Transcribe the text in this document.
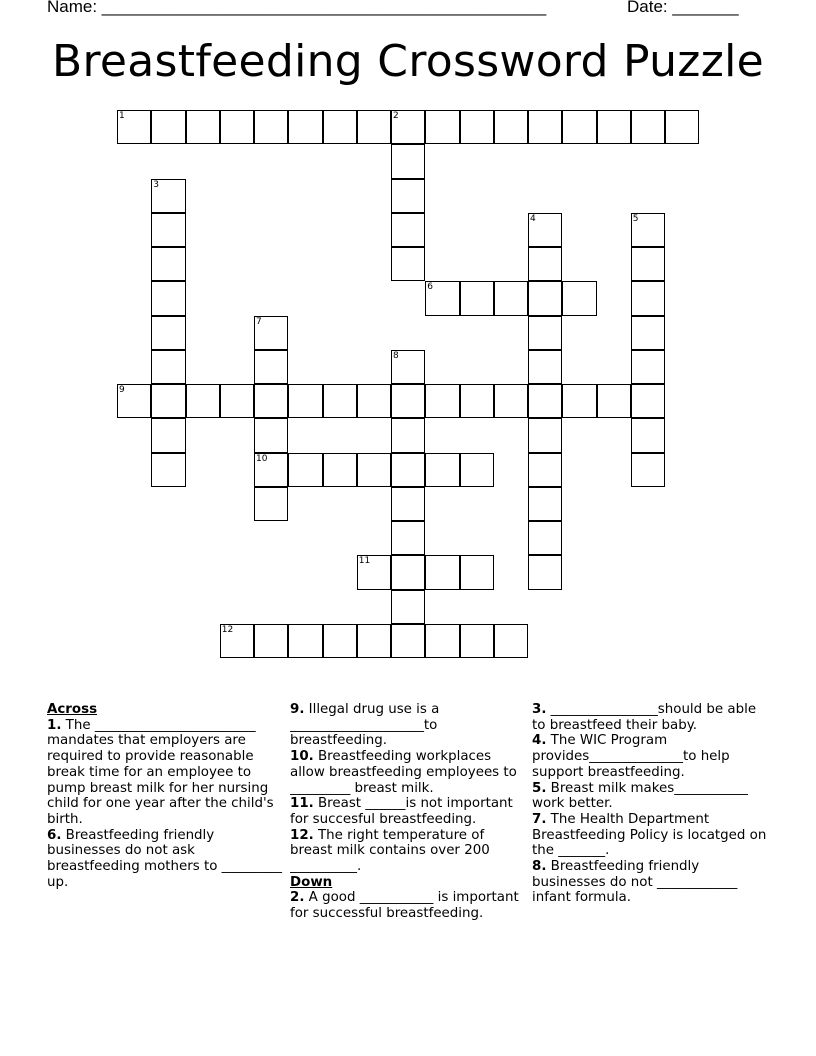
Name: _______________________________________________	Date: _______
Breastfeeding Crossword Puzzle
1	2
3
4	5
6
7
8
9
10
11
12
Across
1. The ________________________ mandates that employers are required to provide reasonable break time for an employee to pump breast milk for her nursing child for one year after the child's birth.
6. Breastfeeding friendly businesses do not ask breastfeeding mothers to _________ up.
9. Illegal drug use is a ____________________to breastfeeding.
10. Breastfeeding workplaces allow breastfeeding employees to _________ breast milk.
11. Breast ______is not important for succesful breastfeeding.
12. The right temperature of breast milk contains over 200 __________.
Down
2. A good ___________ is important for successful breastfeeding.
3. ________________should be able to breastfeed their baby.
4. The WIC Program provides______________to help support breastfeeding.
5. Breast milk makes___________ work better.
7. The Health Department Breastfeeding Policy is locatged on the _______.
8. Breastfeeding friendly businesses do not ____________ infant formula.
